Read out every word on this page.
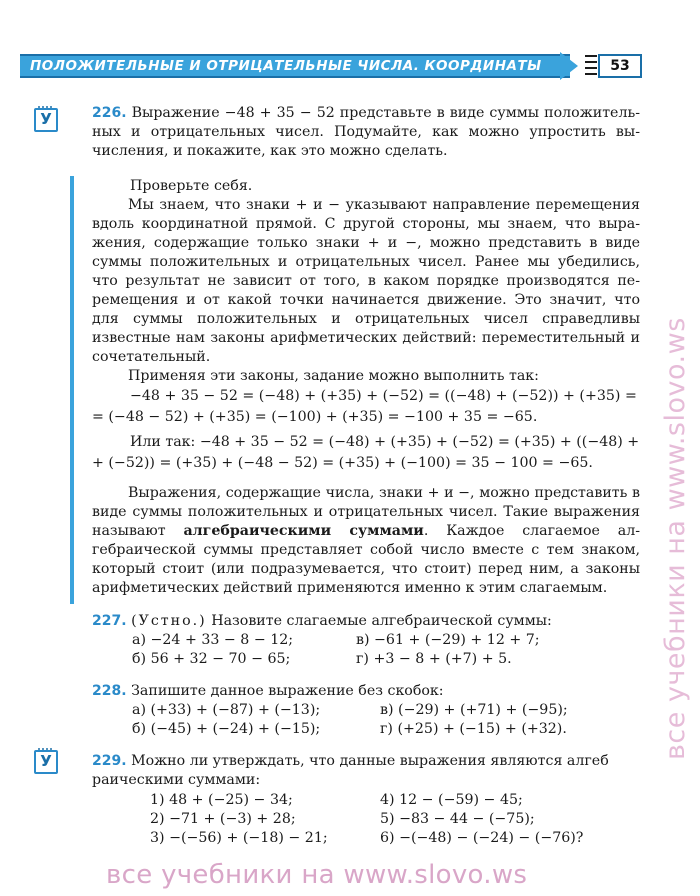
ПОЛОЖИТЕЛЬНЫЕ И ОТРИЦАТЕЛЬНЫЕ ЧИСЛА. КООРДИНАТЫ	53
У	226. Выражение −48 + 35 − 52 представьте в виде суммы положительных и отрицательных чисел. Подумайте, как можно упростить вычисления, и покажите, как это можно сделать.

Проверьте себя.

Мы знаем, что знаки + и − указывают направление перемещения вдоль координатной прямой. С другой стороны, мы знаем, что выражения, содержащие только знаки + и −, можно представить в виде суммы положительных и отрицательных чисел. Ранее мы убедились, что результат не зависит от того, в каком порядке производятся перемещения и от какой точки начинается движение. Это значит, что для суммы положительных и отрицательных чисел справедливы известные нам законы арифметических действий: переместительный и сочетательный.

Применяя эти законы, задание можно выполнить так:

−48 + 35 − 52 = (−48) + (+35) + (−52) = ((−48) + (−52)) + (+35) =
= (−48 − 52) + (+35) = (−100) + (+35) = −100 + 35 = −65.
Или так: −48 + 35 − 52 = (−48) + (+35) + (−52) = (+35) + ((−48) +
+ (−52)) = (+35) + (−48 − 52) = (+35) + (−100) = 35 − 100 = −65.

Выражения, содержащие числа, знаки + и −, можно представить в виде суммы положительных и отрицательных чисел. Такие выражения называют алгебраическими суммами. Каждое слагаемое алгебраической суммы представляет собой число вместе с тем знаком, который стоит (или подразумевается, что стоит) перед ним, а законы арифметических действий применяются именно к этим слагаемым.

227. (Устно.) Назовите слагаемые алгебраической суммы:
а) −24 + 33 − 8 − 12;	в) −61 + (−29) + 12 + 7;
б) 56 + 32 − 70 − 65;	г) +3 − 8 + (+7) + 5.
228. Запишите данное выражение без скобок:
а) (+33) + (−87) + (−13);	в) (−29) + (+71) + (−95);
б) (−45) + (−24) + (−15);	г) (+25) + (−15) + (+32).
У	229. Можно ли утверждать, что данные выражения являются алгеб
раическими суммами:
1) 48 + (−25) − 34;	4) 12 − (−59) − 45;
2) −71 + (−3) + 28;	5) −83 − 44 − (−75);
3) −(−56) + (−18) − 21;	6) −(−48) − (−24) − (−76)?
все учебники на www.slovo.ws
все учебники на www.slovo.ws
